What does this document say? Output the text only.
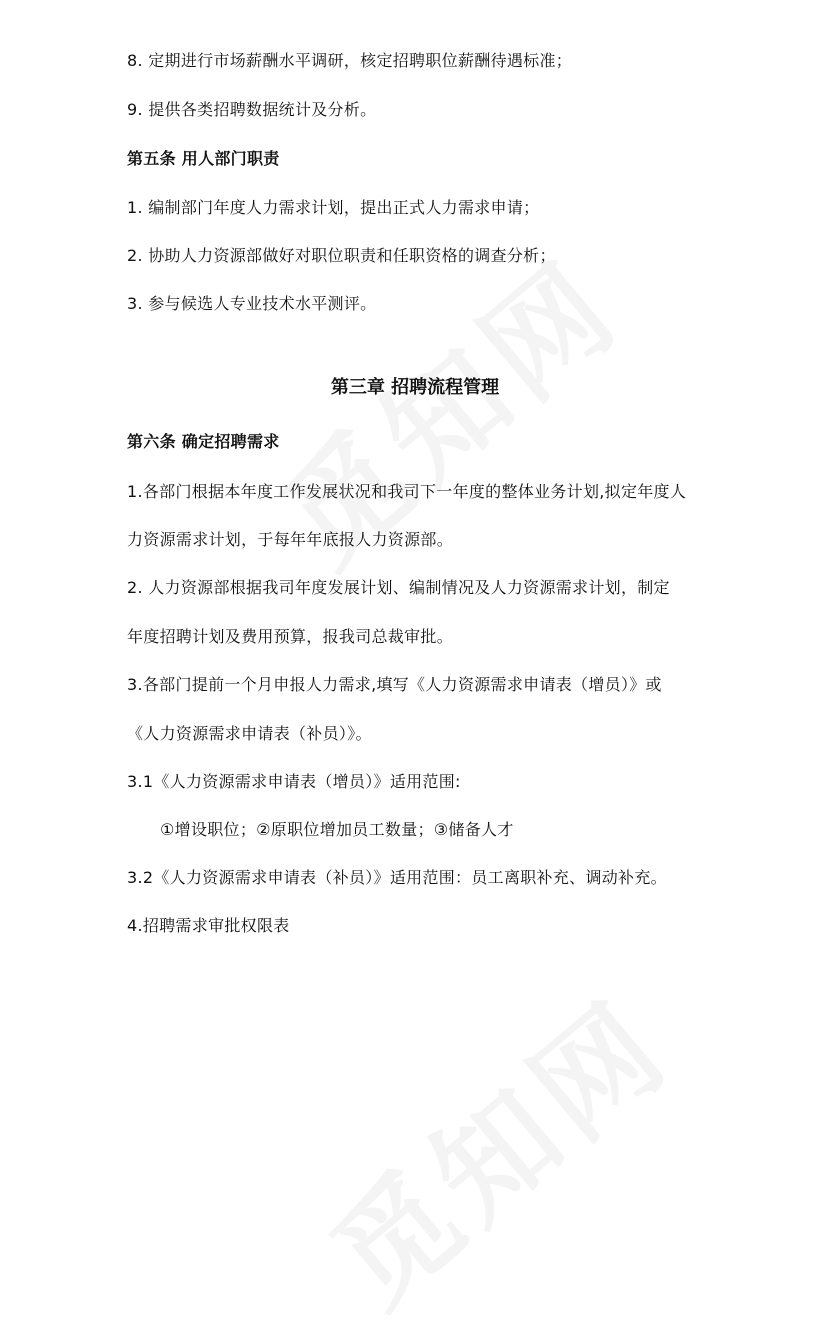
8. 定期进行市场薪酬水平调研，核定招聘职位薪酬待遇标准；
9. 提供各类招聘数据统计及分析。
第五条 用人部门职责
1. 编制部门年度人力需求计划，提出正式人力需求申请；
2. 协助人力资源部做好对职位职责和任职资格的调查分析；
3. 参与候选人专业技术水平测评。
第三章 招聘流程管理
第六条 确定招聘需求
1.各部门根据本年度工作发展状况和我司下一年度的整体业务计划,拟定年度人
力资源需求计划，于每年年底报人力资源部。
2. 人力资源部根据我司年度发展计划、编制情况及人力资源需求计划，制定
年度招聘计划及费用预算，报我司总裁审批。
3.各部门提前一个月申报人力需求,填写《人力资源需求申请表（增员）》或
《人力资源需求申请表（补员）》。
3.1《人力资源需求申请表（增员）》适用范围:
①增设职位；②原职位增加员工数量；③储备人才
3.2《人力资源需求申请表（补员）》适用范围：员工离职补充、调动补充。
4.招聘需求审批权限表
